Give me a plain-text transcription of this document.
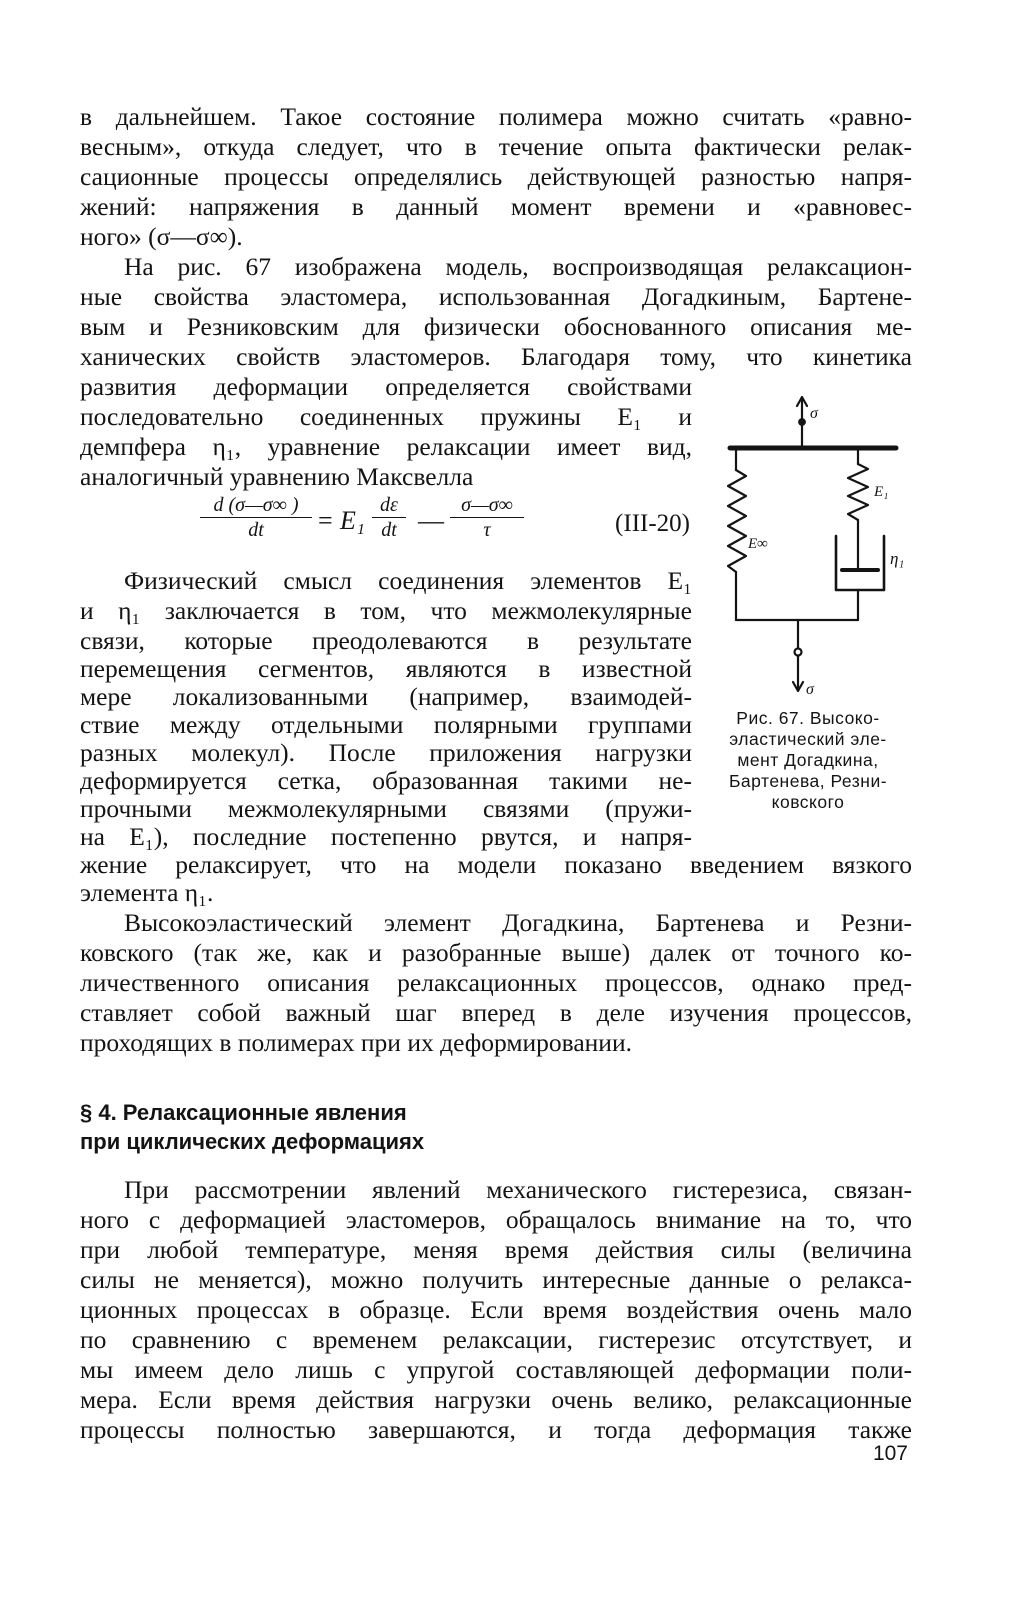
в дальнейшем. Такое состояние полимера можно считать «равно-

весным», откуда следует, что в течение опыта фактически релак-

сационные процессы определялись действующей разностью напря-

жений: напряжения в данный момент времени и «равновес-

ного» (σ—σ∞).

На рис. 67 изображена модель, воспроизводящая релаксацион-

ные свойства эластомера, использованная Догадкиным, Бартене-

вым и Резниковским для физически обоснованного описания ме-

ханических свойств эластомеров. Благодаря тому, что кинетика

развития деформации определяется свойствами

последовательно соединенных пружины E₁ и

демпфера η₁, уравнение релаксации имеет вид,

аналогичный уравнению Максвелла

$\frac{d (\sigma—\sigma\infty )}{dt} = E_1 \frac{d\varepsilon}{dt}$ — $\frac{\sigma—\sigma\infty}{\tau}$	(III-20)

Физический смысл соединения элементов E₁

и η₁ заключается в том, что межмолекулярные

связи, которые преодолеваются в результате

перемещения сегментов, являются в известной

мере локализованными (например, взаимодей-

ствие между отдельными полярными группами

разных молекул). После приложения нагрузки

деформируется сетка, образованная такими не-

прочными межмолекулярными связями (пружи-

на E₁), последние постепенно рвутся, и напря-

жение релаксирует, что на модели показано введением вязкого

элемента η₁.

Высокоэластический элемент Догадкина, Бартенева и Резни-

ковского (так же, как и разобранные выше) далек от точного ко-

личественного описания релаксационных процессов, однако пред-

ставляет собой важный шаг вперед в деле изучения процессов,

проходящих в полимерах при их деформировании.

σ
E∞
E₁
η₁
σ
Рис. 67. Высоко-
эластический эле-
мент Догадкина,
Бартенева, Резни-
ковского
§ 4. Релаксационные явления
при циклических деформациях

При рассмотрении явлений механического гистерезиса, связан-

ного с деформацией эластомеров, обращалось внимание на то, что

при любой температуре, меняя время действия силы (величина

силы не меняется), можно получить интересные данные о релакса-

ционных процессах в образце. Если время воздействия очень мало

по сравнению с временем релаксации, гистерезис отсутствует, и

мы имеем дело лишь с упругой составляющей деформации поли-

мера. Если время действия нагрузки очень велико, релаксационные

процессы полностью завершаются, и тогда деформация также

107
